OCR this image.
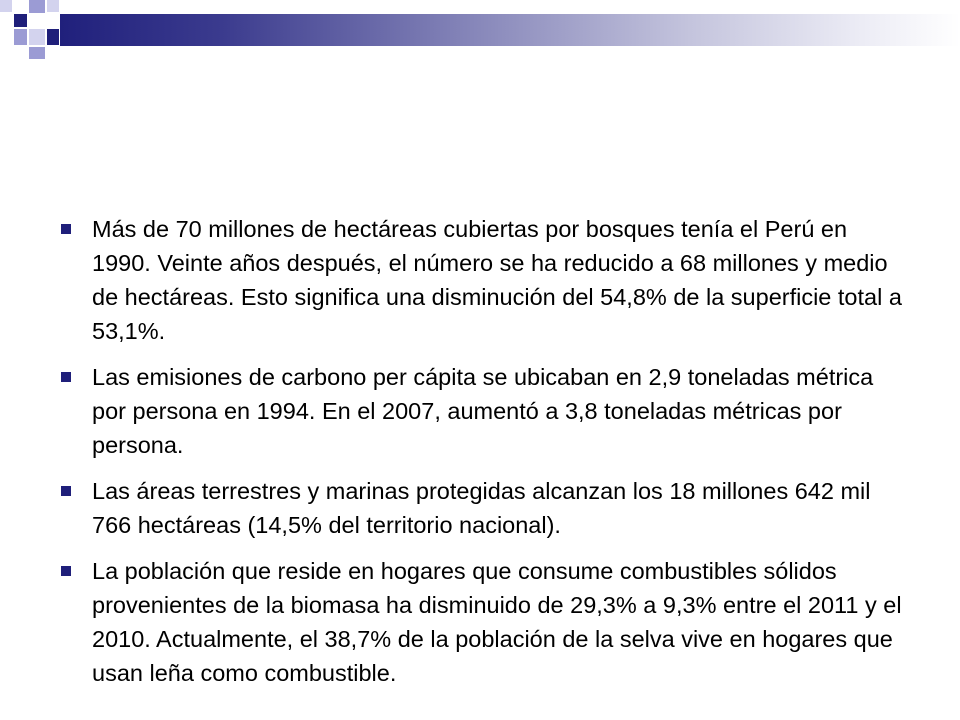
Más de 70 millones de hectáreas cubiertas por bosques tenía el Perú en 1990. Veinte años después, el número se ha reducido a 68 millones y medio de hectáreas. Esto significa una disminución del 54,8% de la superficie total a 53,1%.
Las emisiones de carbono per cápita se ubicaban en 2,9 toneladas métrica por persona en 1994. En el 2007, aumentó a 3,8 toneladas métricas por persona.
Las áreas terrestres y marinas protegidas alcanzan los 18 millones 642 mil 766 hectáreas (14,5% del territorio nacional).
La población que reside en hogares que consume combustibles sólidos provenientes de la biomasa ha disminuido de 29,3% a 9,3% entre el 2011 y el 2010. Actualmente, el 38,7% de la población de la selva vive en hogares que usan leña como combustible.
